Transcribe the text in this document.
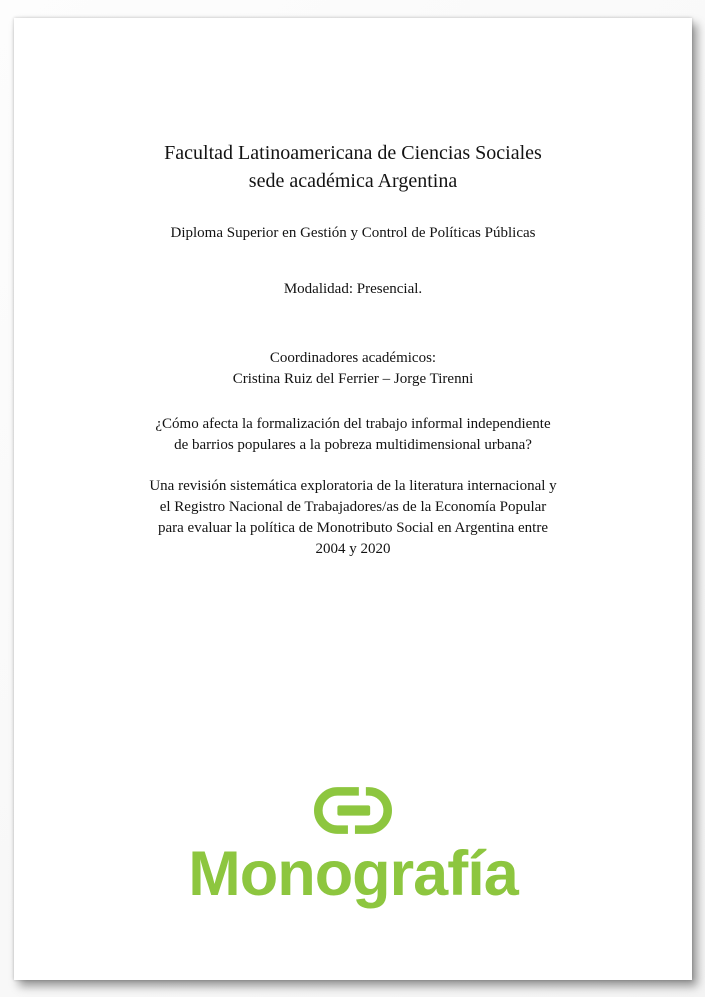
Facultad Latinoamericana de Ciencias Sociales
sede académica Argentina
Diploma Superior en Gestión y Control de Políticas Públicas
Modalidad: Presencial.
Coordinadores académicos:
Cristina Ruiz del Ferrier – Jorge Tirenni
¿Cómo afecta la formalización del trabajo informal independiente
de barrios populares a la pobreza multidimensional urbana?
Una revisión sistemática exploratoria de la literatura internacional y
el Registro Nacional de Trabajadores/as de la Economía Popular
para evaluar la política de Monotributo Social en Argentina entre
2004 y 2020
Monografía
